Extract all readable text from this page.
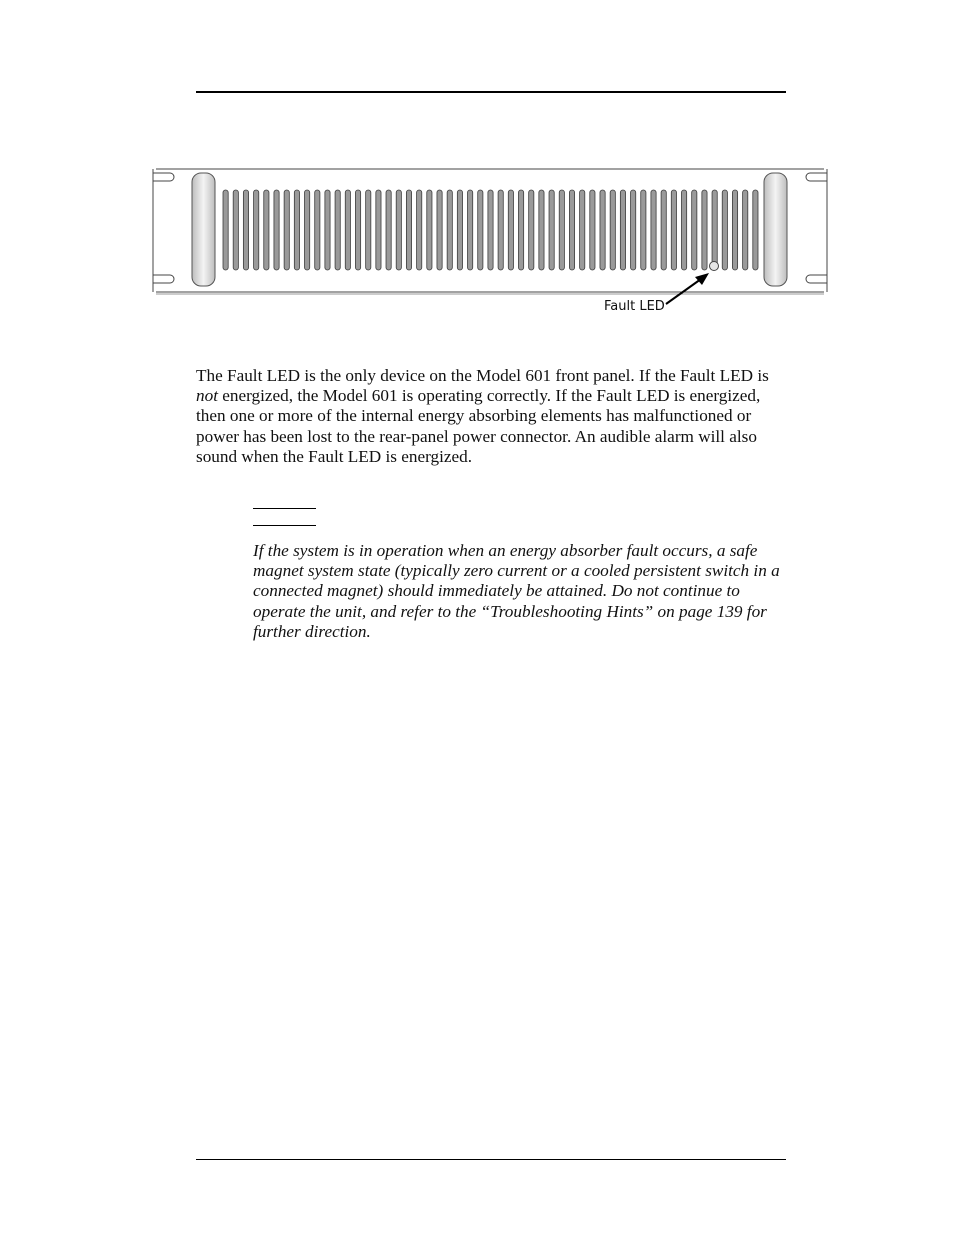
Fault LED

The Fault LED is the only device on the Model 601 front panel. If the Fault LED is not energized, the Model 601 is operating correctly. If the Fault LED is energized, then one or more of the internal energy absorbing elements has malfunctioned or power has been lost to the rear-panel power connector. An audible alarm will also sound when the Fault LED is energized.

If the system is in operation when an energy absorber fault occurs, a safe magnet system state (typically zero current or a cooled persistent switch in a connected magnet) should immediately be attained. Do not continue to operate the unit, and refer to the “Troubleshooting Hints” on page 139 for further direction.
